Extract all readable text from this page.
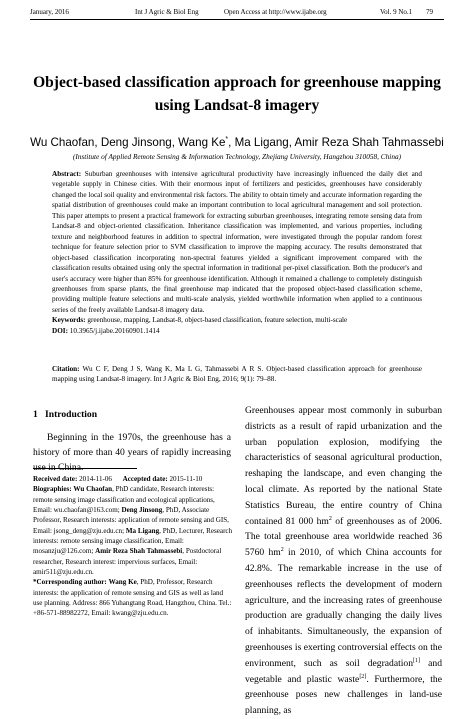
January, 2016	Int J Agric & Biol Eng	Open Access at http://www.ijabe.org	Vol. 9 No.1 79
Object-based classification approach for greenhouse mapping
using Landsat-8 imagery
Wu Chaofan, Deng Jinsong, Wang Ke*, Ma Ligang, Amir Reza Shah Tahmassebi
(Institute of Applied Remote Sensing & Information Technology, Zhejiang University, Hangzhou 310058, China)

Abstract: Suburban greenhouses with intensive agricultural productivity have increasingly influenced the daily diet and vegetable supply in Chinese cities. With their enormous input of fertilizers and pesticides, greenhouses have considerably changed the local soil quality and environmental risk factors. The ability to obtain timely and accurate information regarding the spatial distribution of greenhouses could make an important contribution to local agricultural management and soil protection. This paper attempts to present a practical framework for extracting suburban greenhouses, integrating remote sensing data from Landsat-8 and object-oriented classification. Inheritance classification was implemented, and various properties, including texture and neighborhood features in addition to spectral information, were investigated through the popular random forest technique for feature selection prior to SVM classification to improve the mapping accuracy. The results demonstrated that object-based classification incorporating non-spectral features yielded a significant improvement compared with the classification results obtained using only the spectral information in traditional per-pixel classification. Both the producer's and user's accuracy were higher than 85% for greenhouse identification. Although it remained a challenge to completely distinguish greenhouses from sparse plants, the final greenhouse map indicated that the proposed object-based classification scheme, providing multiple feature selections and multi-scale analysis, yielded worthwhile information when applied to a continuous series of the freely available Landsat-8 imagery data.

Keywords: greenhouse, mapping, Landsat-8, object-based classification, feature selection, multi-scale

DOI: 10.3965/j.ijabe.20160901.1414

Citation: Wu C F, Deng J S, Wang K, Ma L G, Tahmassebi A R S. Object-based classification approach for greenhouse mapping using Landsat-8 imagery. Int J Agric & Biol Eng, 2016; 9(1): 79–88.
1 Introduction

Beginning in the 1970s, the greenhouse has a history of more than 40 years of rapidly increasing use in China.

Received date: 2014-11-06 Accepted date: 2015-11-10

Biographies: Wu Chaofan, PhD candidate, Research interests: remote sensing image classification and ecological applications, Email: wu.chaofan@163.com; Deng Jinsong, PhD, Associate Professor, Research interests: application of remote sensing and GIS, Email: jsong_deng@zju.edu.cn; Ma Ligang, PhD, Lecturer, Research interests: remote sensing image classification, Email: mosanzju@126.com; Amir Reza Shah Tahmassebi, Postdoctoral researcher, Research interest: impervious surfaces, Email: amir511@zju.edu.cn.

*Corresponding author: Wang Ke, PhD, Professor, Research interests: the application of remote sensing and GIS as well as land use planning. Address: 866 Yuhangtang Road, Hangzhou, China. Tel.: +86-571-88982272, Email: kwang@zju.edu.cn.

Greenhouses appear most commonly in suburban districts as a result of rapid urbanization and the urban population explosion, modifying the characteristics of seasonal agricultural production, reshaping the landscape, and even changing the local climate. As reported by the national State Statistics Bureau, the entire country of China contained 81 000 $hm^2$ of greenhouses as of 2006. The total greenhouse area worldwide reached 36 5760 $hm^2$ in 2010, of which China accounts for 42.8%. The remarkable increase in the use of greenhouses reflects the development of modern agriculture, and the increasing rates of greenhouse production are gradually changing the daily lives of inhabitants. Simultaneously, the expansion of greenhouses is exerting controversial effects on the environment, such as soil degradation[1] and vegetable and plastic waste[2]. Furthermore, the greenhouse poses new challenges in land-use planning, as
